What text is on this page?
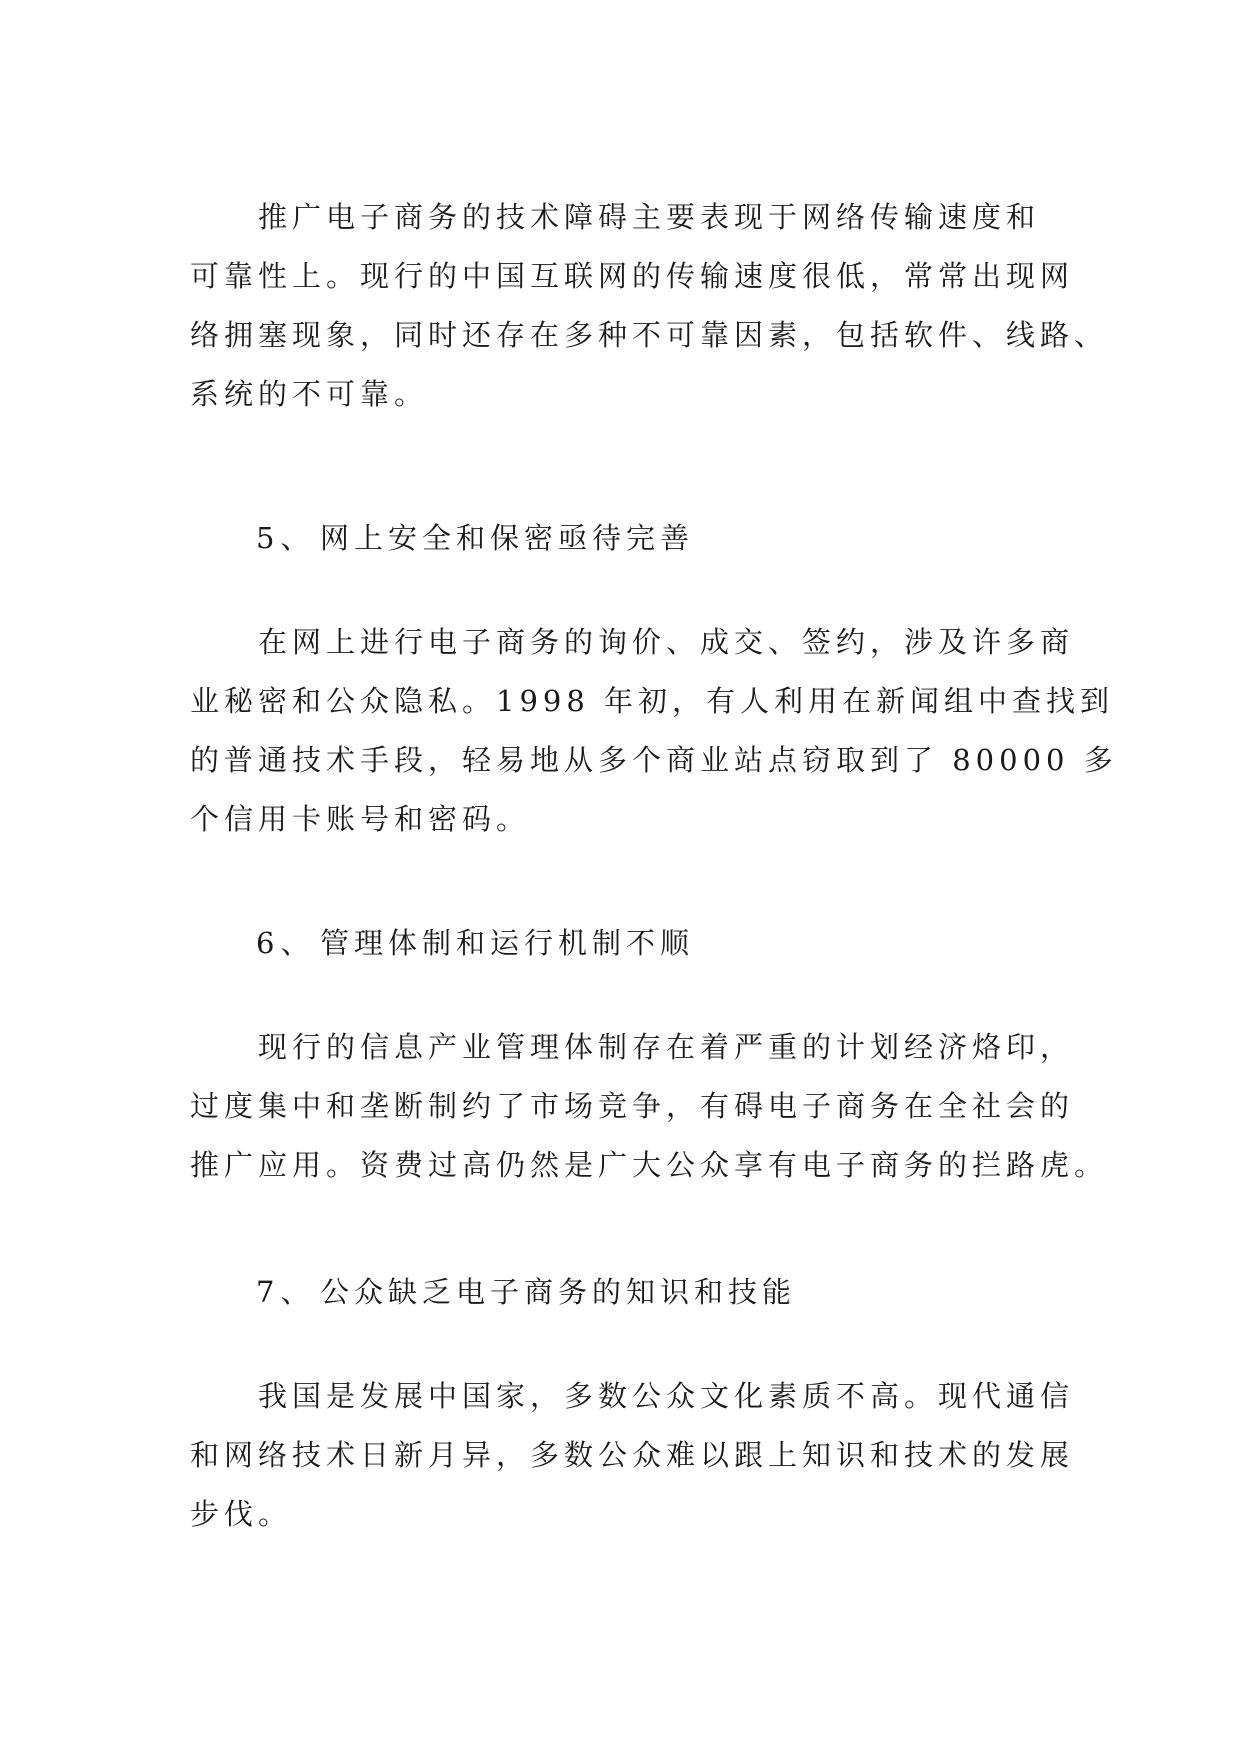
推广电子商务的技术障碍主要表现于网络传输速度和
可靠性上。现行的中国互联网的传输速度很低，常常出现网
络拥塞现象，同时还存在多种不可靠因素，包括软件、线路、
系统的不可靠。
5、 网上安全和保密亟待完善
在网上进行电子商务的询价、成交、签约，涉及许多商
业秘密和公众隐私。1998 年初，有人利用在新闻组中查找到
的普通技术手段，轻易地从多个商业站点窃取到了 80000 多
个信用卡账号和密码。
6、 管理体制和运行机制不顺
现行的信息产业管理体制存在着严重的计划经济烙印，
过度集中和垄断制约了市场竞争，有碍电子商务在全社会的
推广应用。资费过高仍然是广大公众享有电子商务的拦路虎。
7、 公众缺乏电子商务的知识和技能
我国是发展中国家，多数公众文化素质不高。现代通信
和网络技术日新月异，多数公众难以跟上知识和技术的发展
步伐。
